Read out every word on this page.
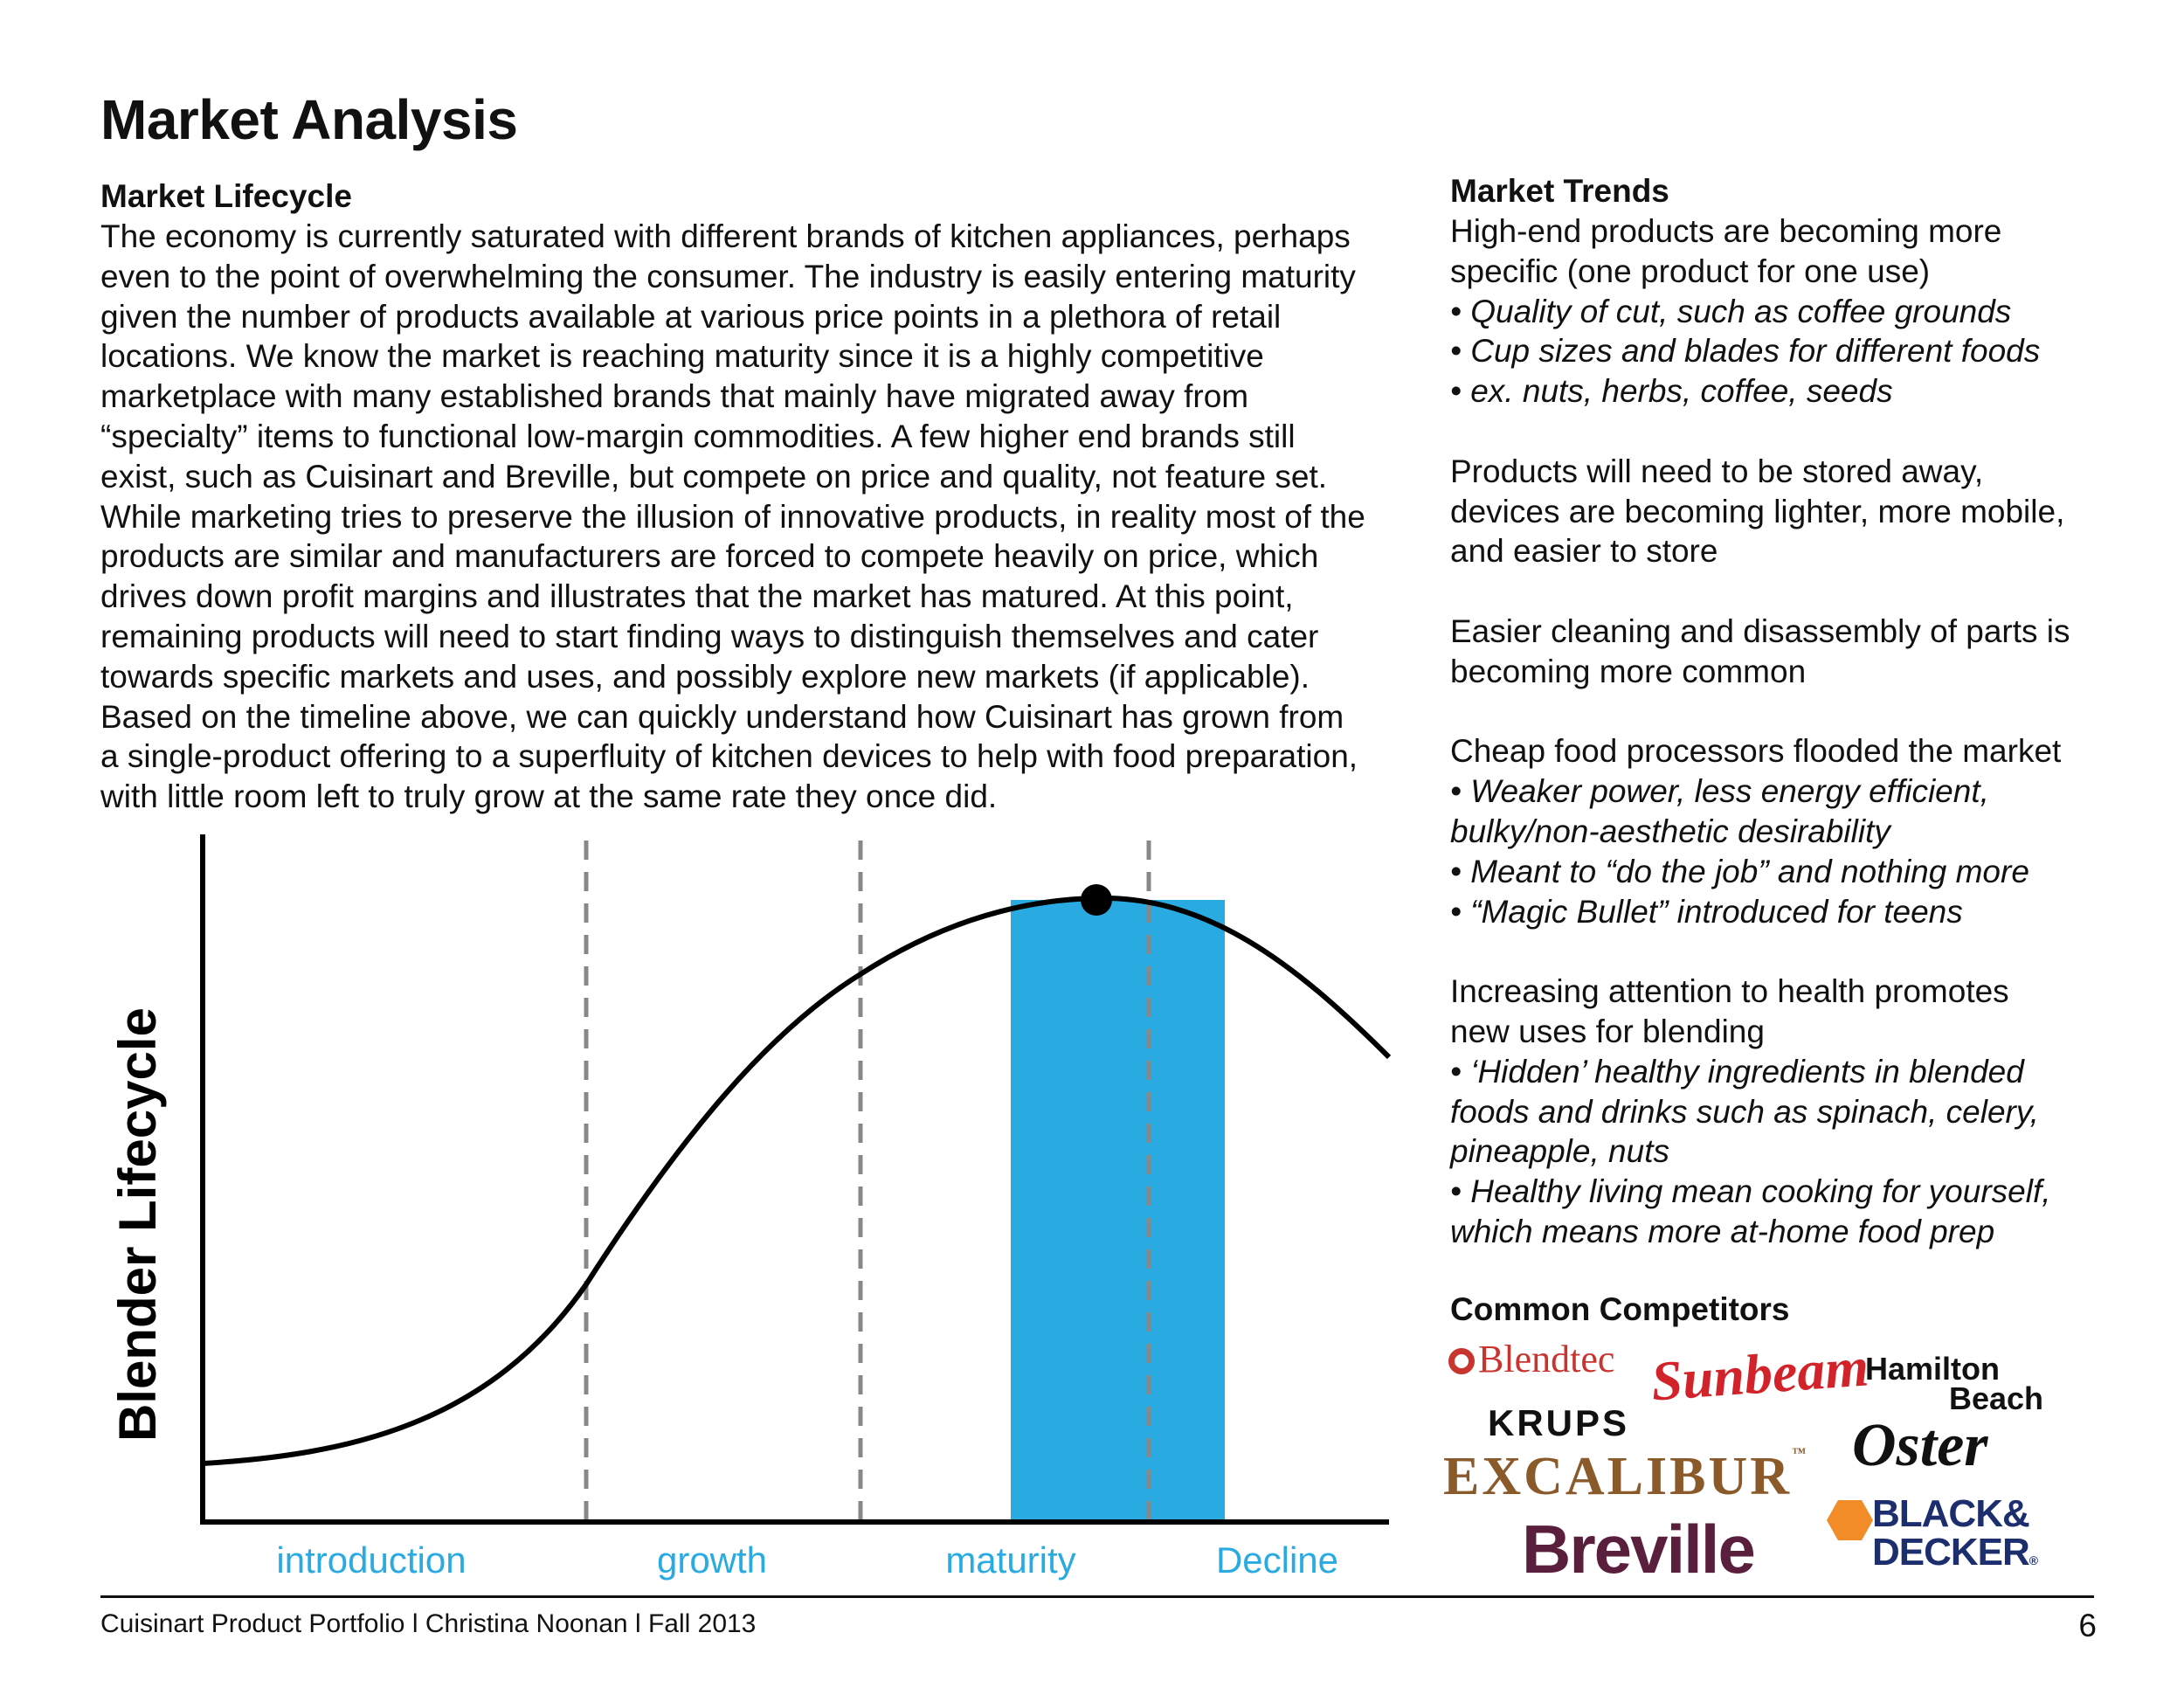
Market Analysis
Market Lifecycle

The economy is currently saturated with different brands of kitchen appliances, perhaps

even to the point of overwhelming the consumer. The industry is easily entering maturity

given the number of products available at various price points in a plethora of retail

locations. We know the market is reaching maturity since it is a highly competitive

marketplace with many established brands that mainly have migrated away from

“specialty” items to functional low-margin commodities. A few higher end brands still

exist, such as Cuisinart and Breville, but compete on price and quality, not feature set.

While marketing tries to preserve the illusion of innovative products, in reality most of the

products are similar and manufacturers are forced to compete heavily on price, which

drives down profit margins and illustrates that the market has matured. At this point,

remaining products will need to start finding ways to distinguish themselves and cater

towards specific markets and uses, and possibly explore new markets (if applicable).

Based on the timeline above, we can quickly understand how Cuisinart has grown from

a single-product offering to a superfluity of kitchen devices to help with food preparation,

with little room left to truly grow at the same rate they once did.

Blender Lifecycle
introduction	growth	maturity	Decline
Market Trends

High-end products are becoming more

specific (one product for one use)

• Quality of cut, such as coffee grounds

• Cup sizes and blades for different foods

• ex. nuts, herbs, coffee, seeds

Products will need to be stored away,

devices are becoming lighter, more mobile,

and easier to store

Easier cleaning and disassembly of parts is

becoming more common

Cheap food processors flooded the market

• Weaker power, less energy efficient,

bulky/non-aesthetic desirability

• Meant to “do the job” and nothing more

• “Magic Bullet” introduced for teens

Increasing attention to health promotes

new uses for blending

• ‘Hidden’ healthy ingredients in blended

foods and drinks such as spinach, celery,

pineapple, nuts

• Healthy living mean cooking for yourself,

which means more at-home food prep

Common Competitors
Blendtec Sunbeam
Hamilton
Beach
KRUPS	Oster
EXCALIBUR™
Breville	BLACK&
DECKER®
Cuisinart Product Portfolio l Christina Noonan l Fall 2013	6
